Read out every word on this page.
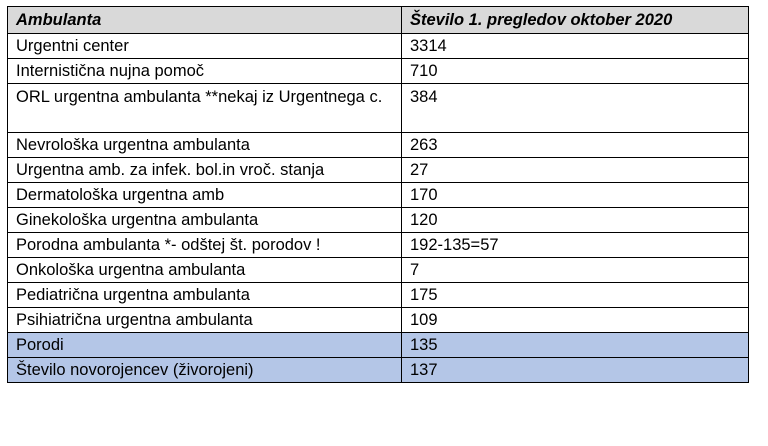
Ambulanta	Število 1. pregledov oktober 2020
Urgentni center	3314
Internistična nujna pomoč	710
ORL urgentna ambulanta **nekaj iz Urgentnega c.	384
Nevrološka urgentna ambulanta	263
Urgentna amb. za infek. bol.in vroč. stanja	27
Dermatološka urgentna amb	170
Ginekološka urgentna ambulanta	120
Porodna ambulanta *- odštej št. porodov !	192-135=57
Onkološka urgentna ambulanta	7
Pediatrična urgentna ambulanta	175
Psihiatrična urgentna ambulanta	109
Porodi	135
Število novorojencev (živorojeni)	137
